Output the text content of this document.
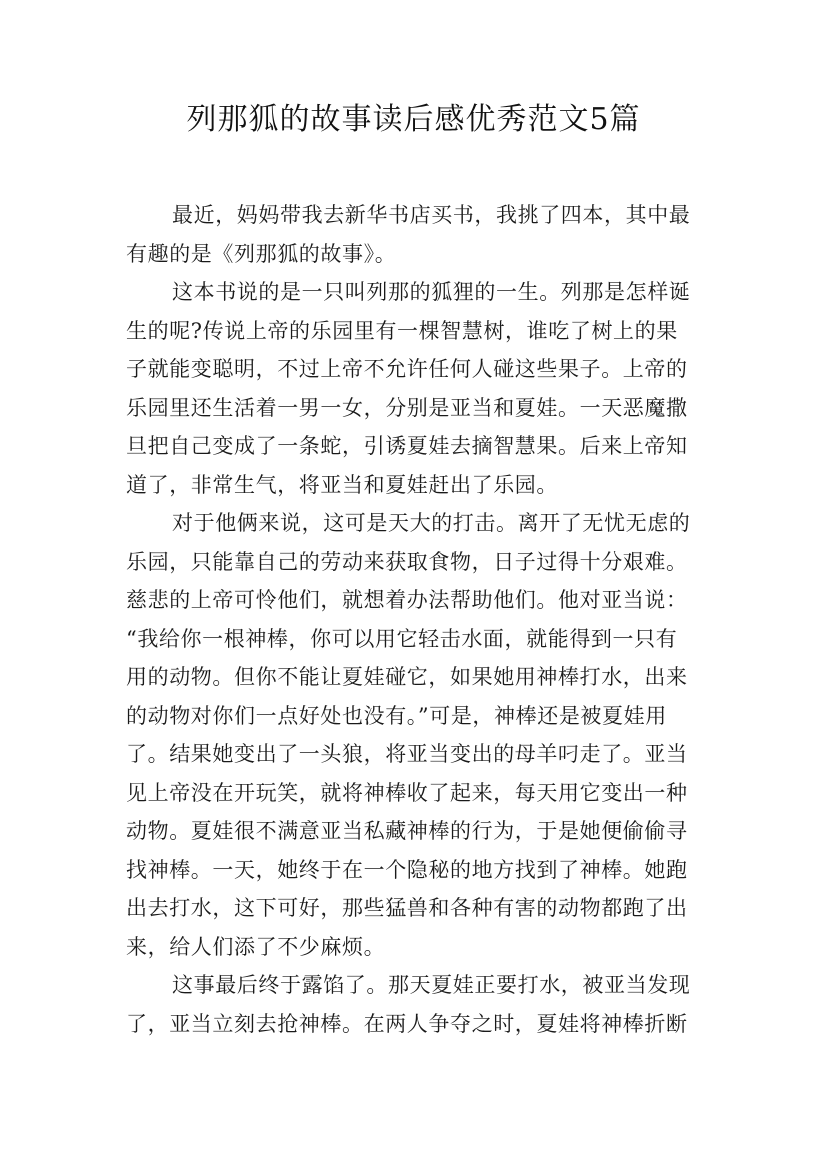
列那狐的故事读后感优秀范文5篇
最近，妈妈带我去新华书店买书，我挑了四本，其中最
有趣的是《列那狐的故事》。
这本书说的是一只叫列那的狐狸的一生。列那是怎样诞
生的呢?传说上帝的乐园里有一棵智慧树，谁吃了树上的果
子就能变聪明，不过上帝不允许任何人碰这些果子。上帝的
乐园里还生活着一男一女，分别是亚当和夏娃。一天恶魔撒
旦把自己变成了一条蛇，引诱夏娃去摘智慧果。后来上帝知
道了，非常生气，将亚当和夏娃赶出了乐园。
对于他俩来说，这可是天大的打击。离开了无忧无虑的
乐园，只能靠自己的劳动来获取食物，日子过得十分艰难。
慈悲的上帝可怜他们，就想着办法帮助他们。他对亚当说：
“我给你一根神棒，你可以用它轻击水面，就能得到一只有
用的动物。但你不能让夏娃碰它，如果她用神棒打水，出来
的动物对你们一点好处也没有。”可是，神棒还是被夏娃用
了。结果她变出了一头狼，将亚当变出的母羊叼走了。亚当
见上帝没在开玩笑，就将神棒收了起来，每天用它变出一种
动物。夏娃很不满意亚当私藏神棒的行为，于是她便偷偷寻
找神棒。一天，她终于在一个隐秘的地方找到了神棒。她跑
出去打水，这下可好，那些猛兽和各种有害的动物都跑了出
来，给人们添了不少麻烦。
这事最后终于露馅了。那天夏娃正要打水，被亚当发现
了，亚当立刻去抢神棒。在两人争夺之时，夏娃将神棒折断
